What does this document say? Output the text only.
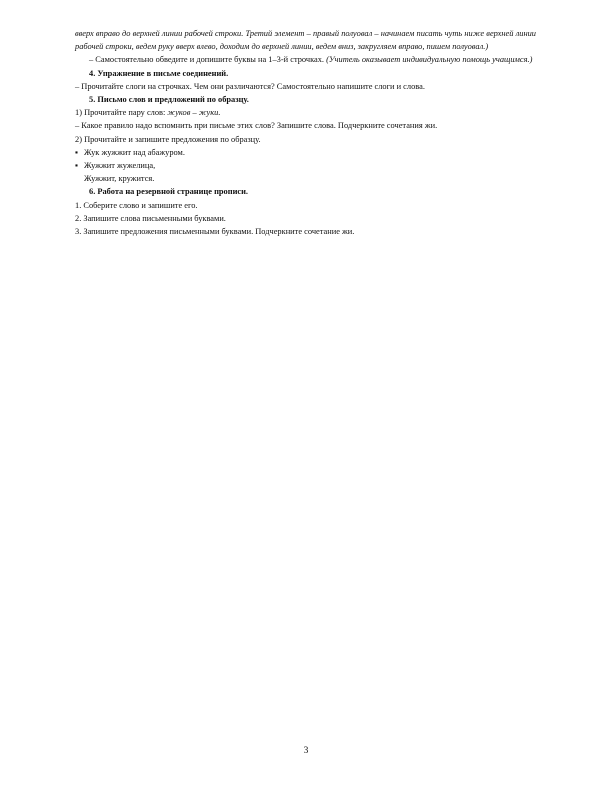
вверх вправо до верхней линии рабочей строки. Третий элемент – правый полуовал – начинаем писать чуть ниже верхней линии рабочей строки, ведем руку вверх влево, доходим до верхней линии, ведем вниз, закругляем вправо, пишем полуовал.)

– Самостоятельно обведите и допишите буквы на 1–3-й строчках. (Учитель оказывает индивидуальную помощь учащимся.)

4. Упражнение в письме соединений.

– Прочитайте слоги на строчках. Чем они различаются? Самостоятельно напишите слоги и слова.

5. Письмо слов и предложений по образцу.

1) Прочитайте пару слов: жуков – жуки.

– Какое правило надо вспомнить при письме этих слов? Запишите слова. Подчеркните сочетания жи.

2) Прочитайте и запишите предложения по образцу.

▪ Жук жужжит над абажуром.
▪ Жужжит жужелица,

Жужжит, кружится.

6. Работа на резервной странице прописи.

1. Соберите слово и запишите его.

2. Запишите слова письменными буквами.

3. Запишите предложения письменными буквами. Подчеркните сочетание жи.

3
